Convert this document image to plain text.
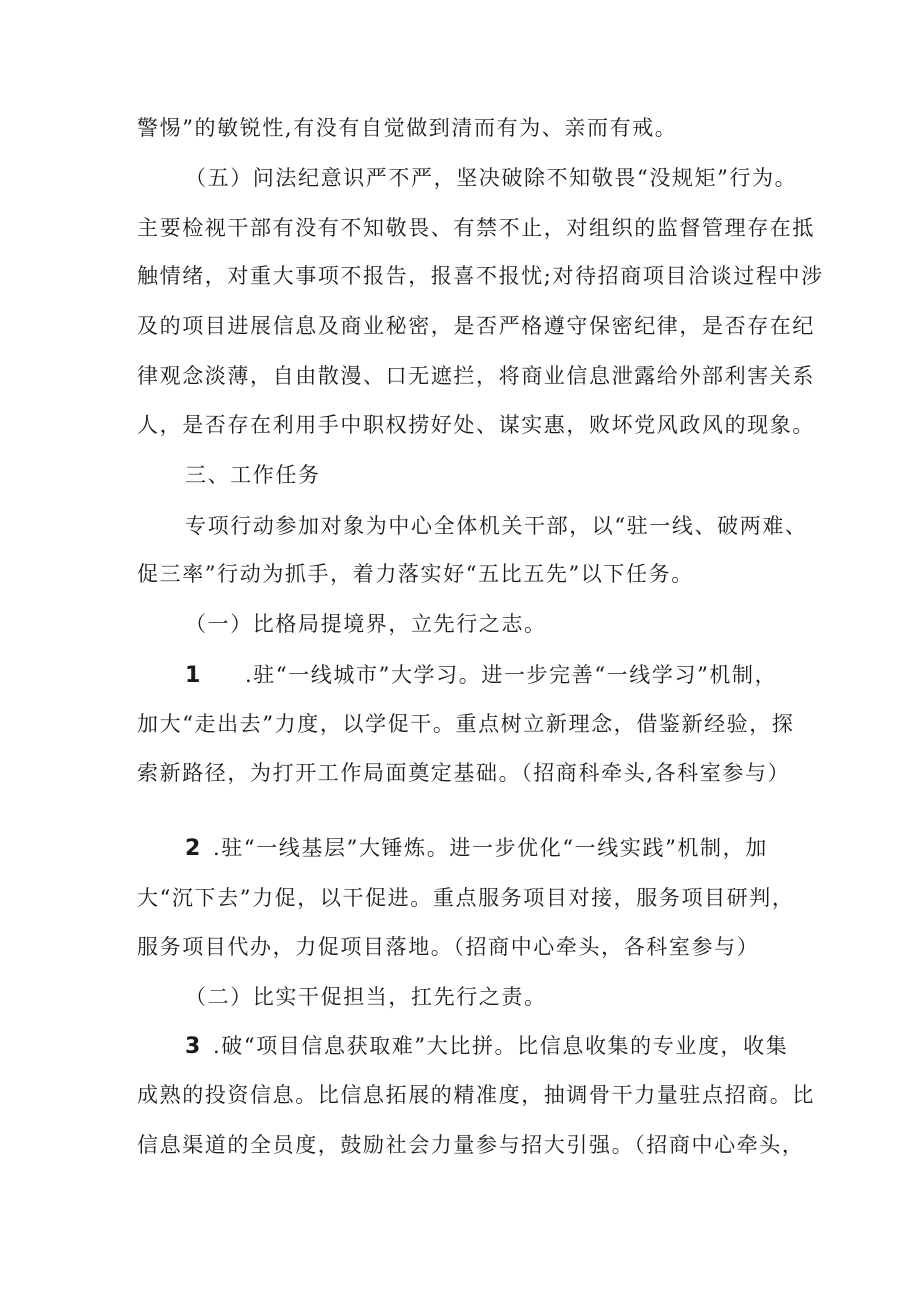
警惕”的敏锐性,有没有自觉做到清而有为、亲而有戒。
（五）问法纪意识严不严，坚决破除不知敬畏“没规矩”行为。
主要检视干部有没有不知敬畏、有禁不止，对组织的监督管理存在抵
触情绪，对重大事项不报告，报喜不报忧;对待招商项目洽谈过程中涉
及的项目进展信息及商业秘密，是否严格遵守保密纪律，是否存在纪
律观念淡薄，自由散漫、口无遮拦，将商业信息泄露给外部利害关系
人，是否存在利用手中职权捞好处、谋实惠，败坏党风政风的现象。
三、工作任务
专项行动参加对象为中心全体机关干部，以“驻一线、破两难、
促三率”行动为抓手，着力落实好“五比五先”以下任务。
（一）比格局提境界，立先行之志。
1 .驻“一线城市”大学习。进一步完善“一线学习”机制，
加大“走出去”力度，以学促干。重点树立新理念，借鉴新经验，探
索新路径，为打开工作局面奠定基础。（招商科牵头,各科室参与）
2 .驻“一线基层”大锤炼。进一步优化“一线实践”机制，加
大“沉下去”力促，以干促进。重点服务项目对接，服务项目研判，
服务项目代办，力促项目落地。（招商中心牵头，各科室参与）
（二）比实干促担当，扛先行之责。
3 .破“项目信息获取难”大比拼。比信息收集的专业度，收集
成熟的投资信息。比信息拓展的精准度，抽调骨干力量驻点招商。比
信息渠道的全员度，鼓励社会力量参与招大引强。（招商中心牵头，
